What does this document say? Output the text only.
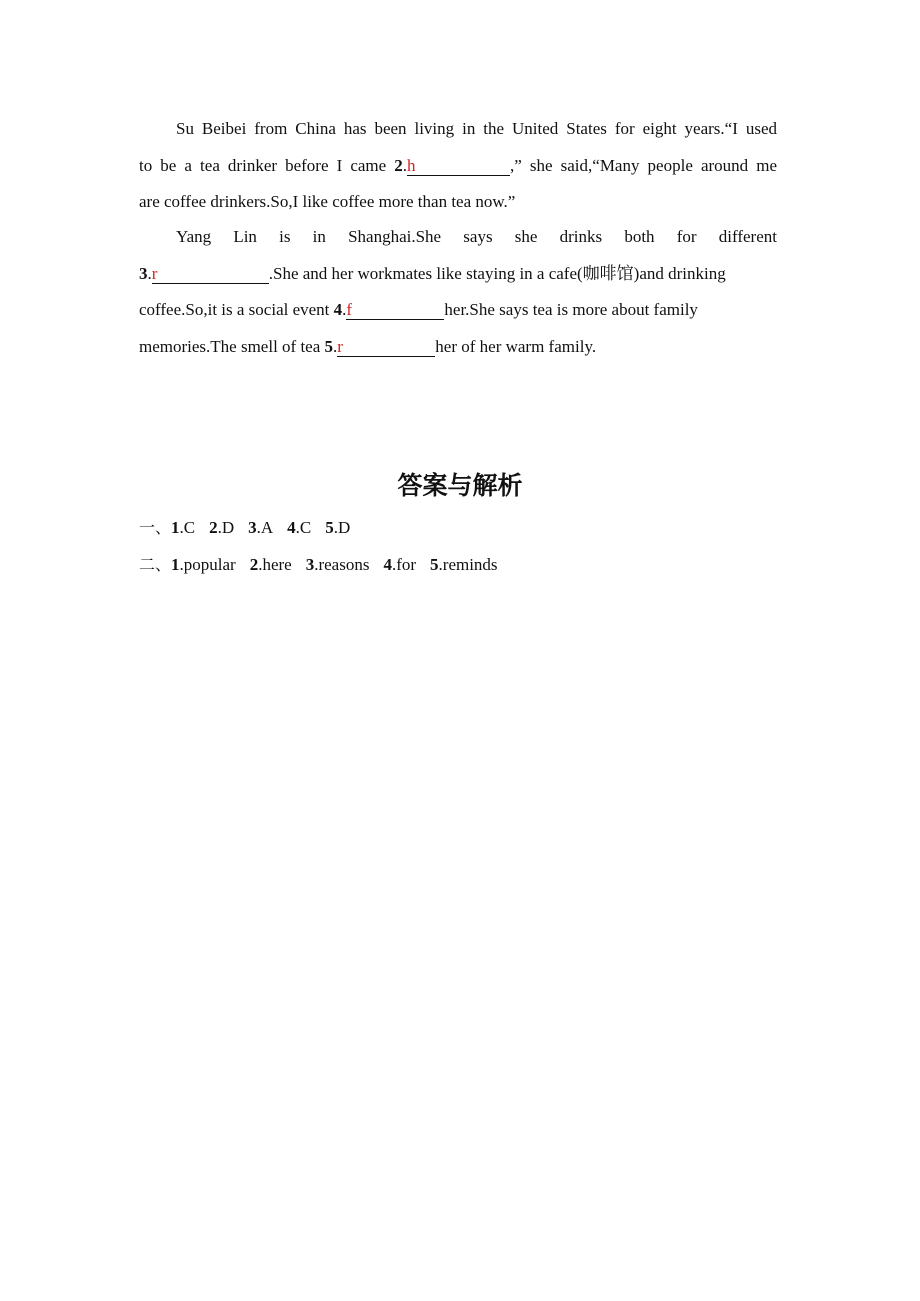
Su Beibei from China has been living in the United States for eight years.“I used
to be a tea drinker before I came 2.h	,” she said,“Many people around me
are coffee drinkers.So,I like coffee more than tea now.”
Yang Lin is in Shanghai.She says she drinks both for different
3.r	.She and her workmates like staying in a cafe(咖啡馆)and drinking
coffee.So,it is a social event 4.f	her.She says tea is more about family
memories.The smell of tea 5.r	her of her warm family.
答案与解析

一、1.C 2.D 3.A 4.C 5.D

二、1.popular 2.here 3.reasons 4.for 5.reminds
